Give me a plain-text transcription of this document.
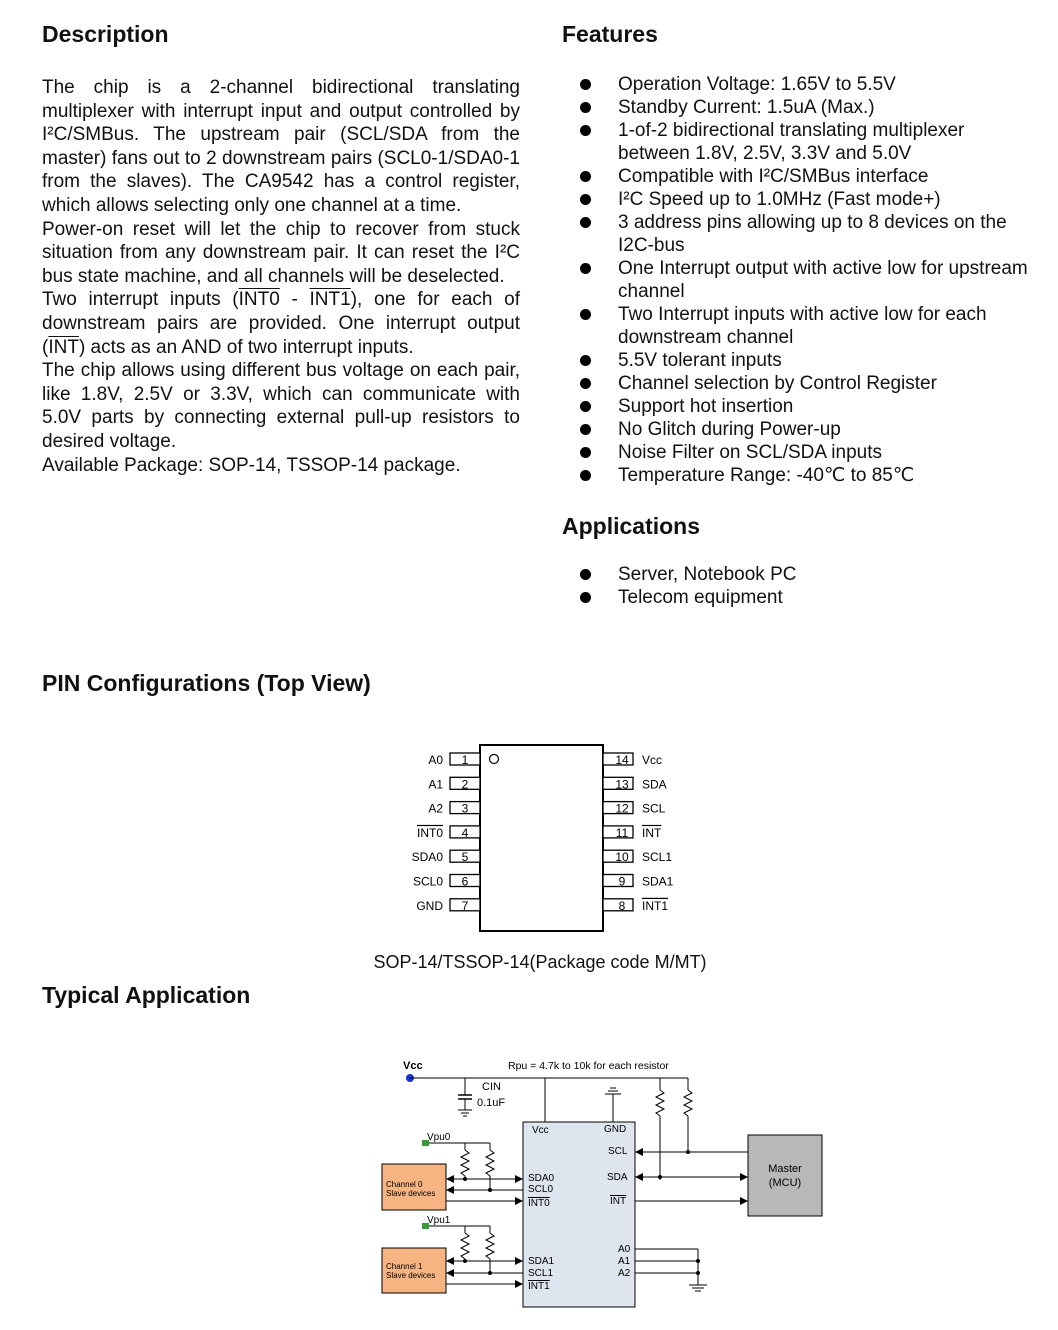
Description

The chip is a 2-channel bidirectional translating multiplexer with interrupt input and output controlled by I²C/SMBus. The upstream pair (SCL/SDA from the master) fans out to 2 downstream pairs (SCL0-1/SDA0-1 from the slaves). The CA9542 has a control register, which allows selecting only one channel at a time.

Power-on reset will let the chip to recover from stuck situation from any downstream pair. It can reset the I²C bus state machine, and all channels will be deselected.

Two interrupt inputs (INT0 - INT1), one for each of downstream pairs are provided. One interrupt output $(\overline{INT})$ acts as an AND of two interrupt inputs.

The chip allows using different bus voltage on each pair, like 1.8V, 2.5V or 3.3V, which can communicate with 5.0V parts by connecting external pull-up resistors to desired voltage.

Available Package: SOP-14, TSSOP-14 package.

Features
Operation Voltage: 1.65V to 5.5V
Standby Current: 1.5uA (Max.)
1-of-2 bidirectional translating multiplexer between 1.8V, 2.5V, 3.3V and 5.0V
Compatible with I²C/SMBus interface
I²C Speed up to 1.0MHz (Fast mode+)
3 address pins allowing up to 8 devices on the I2C-bus
One Interrupt output with active low for upstream channel
Two Interrupt inputs with active low for each downstream channel
5.5V tolerant inputs
Channel selection by Control Register
Support hot insertion
No Glitch during Power-up
Noise Filter on SCL/SDA inputs
Temperature Range: -40℃ to 85℃
Applications
Server, Notebook PC
Telecom equipment
PIN Configurations (Top View)
1
A0
2
A1
3
A2
4
INT0
5
SDA0
6
SCL0
7
GND
14 Vcc
13 SDA
12 SCL
11 INT
10 SCL1
9 SDA1
8 INT1
SOP-14/TSSOP-14(Package code M/MT)
Typical Application
Vcc	Rpu = 4.7k to 10k for each resistor
CIN
0.1uF
Vcc	GND
SCL
SDA
INT
SDA0
SCL0
INT0
SDA1
SCL1
INT1
A0
A1
A2
Master
(MCU)
Vpu0
Channel 0
Slave devices
Vpu1
Channel 1
Slave devices
